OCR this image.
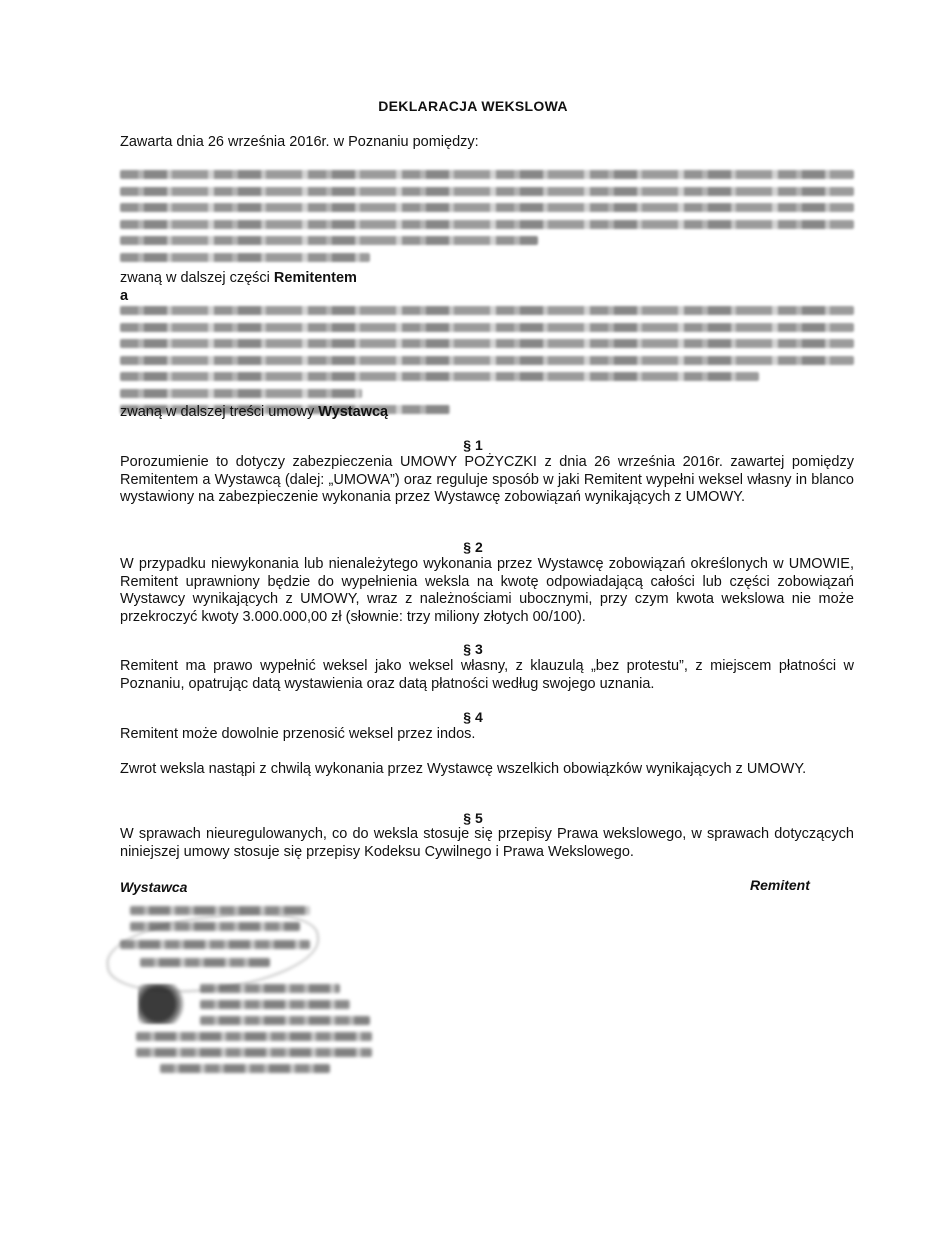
DEKLARACJA WEKSLOWA
Zawarta dnia 26 września 2016r. w Poznaniu pomiędzy:
zwaną w dalszej części Remitentem
a
zwaną w dalszej treści umowy Wystawcą
§ 1
Porozumienie to dotyczy zabezpieczenia UMOWY POŻYCZKI z dnia 26 września 2016r. zawartej pomiędzy Remitentem a Wystawcą (dalej: „UMOWA”) oraz reguluje sposób w jaki Remitent wypełni weksel własny in blanco wystawiony na zabezpieczenie wykonania przez Wystawcę zobowiązań wynikających z UMOWY.
§ 2
W przypadku niewykonania lub nienależytego wykonania przez Wystawcę zobowiązań określonych w UMOWIE, Remitent uprawniony będzie do wypełnienia weksla na kwotę odpowiadającą całości lub części zobowiązań Wystawcy wynikających z UMOWY, wraz z należnościami ubocznymi, przy czym kwota wekslowa nie może przekroczyć kwoty 3.000.000,00 zł (słownie: trzy miliony złotych 00/100).
§ 3
Remitent ma prawo wypełnić weksel jako weksel własny, z klauzulą „bez protestu”, z miejscem płatności w Poznaniu, opatrując datą wystawienia oraz datą płatności według swojego uznania.
§ 4
Remitent może dowolnie przenosić weksel przez indos.
Zwrot weksla nastąpi z chwilą wykonania przez Wystawcę wszelkich obowiązków wynikających z UMOWY.
§ 5
W sprawach nieuregulowanych, co do weksla stosuje się przepisy Prawa wekslowego, w sprawach dotyczących niniejszej umowy stosuje się przepisy Kodeksu Cywilnego i Prawa Wekslowego.
Wystawca	Remitent
